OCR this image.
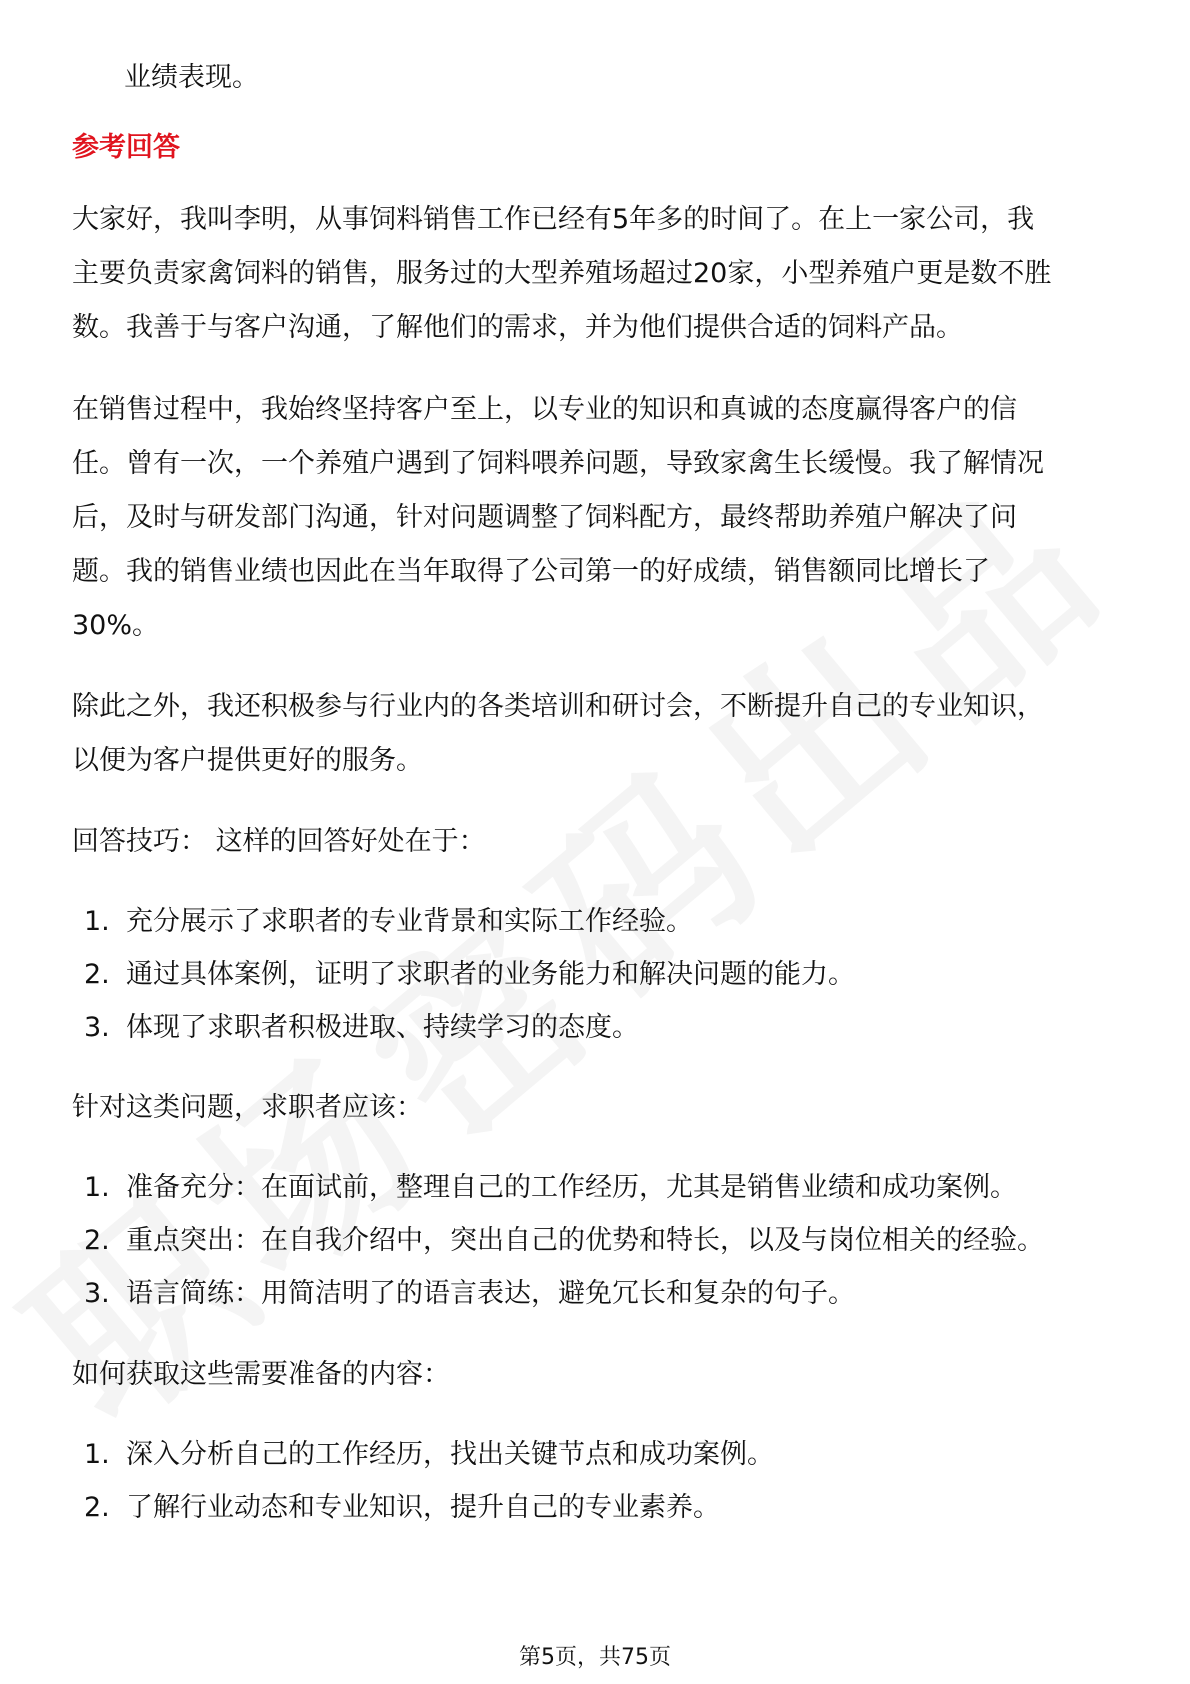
业绩表现。

参考回答

大家好，我叫李明，从事饲料销售工作已经有5年多的时间了。在上一家公司，我

主要负责家禽饲料的销售，服务过的大型养殖场超过20家，小型养殖户更是数不胜

数。我善于与客户沟通，了解他们的需求，并为他们提供合适的饲料产品。

在销售过程中，我始终坚持客户至上，以专业的知识和真诚的态度赢得客户的信

任。曾有一次，一个养殖户遇到了饲料喂养问题，导致家禽生长缓慢。我了解情况

后，及时与研发部门沟通，针对问题调整了饲料配方，最终帮助养殖户解决了问

题。我的销售业绩也因此在当年取得了公司第一的好成绩，销售额同比增长了

30%。

除此之外，我还积极参与行业内的各类培训和研讨会，不断提升自己的专业知识，

以便为客户提供更好的服务。

回答技巧： 这样的回答好处在于：

1. 充分展示了求职者的专业背景和实际工作经验。
2. 通过具体案例，证明了求职者的业务能力和解决问题的能力。
3. 体现了求职者积极进取、持续学习的态度。

针对这类问题，求职者应该：

1. 准备充分：在面试前，整理自己的工作经历，尤其是销售业绩和成功案例。
2. 重点突出：在自我介绍中，突出自己的优势和特长，以及与岗位相关的经验。
3. 语言简练：用简洁明了的语言表达，避免冗长和复杂的句子。

如何获取这些需要准备的内容：

1. 深入分析自己的工作经历，找出关键节点和成功案例。
2. 了解行业动态和专业知识，提升自己的专业素养。
第5页，共75页
